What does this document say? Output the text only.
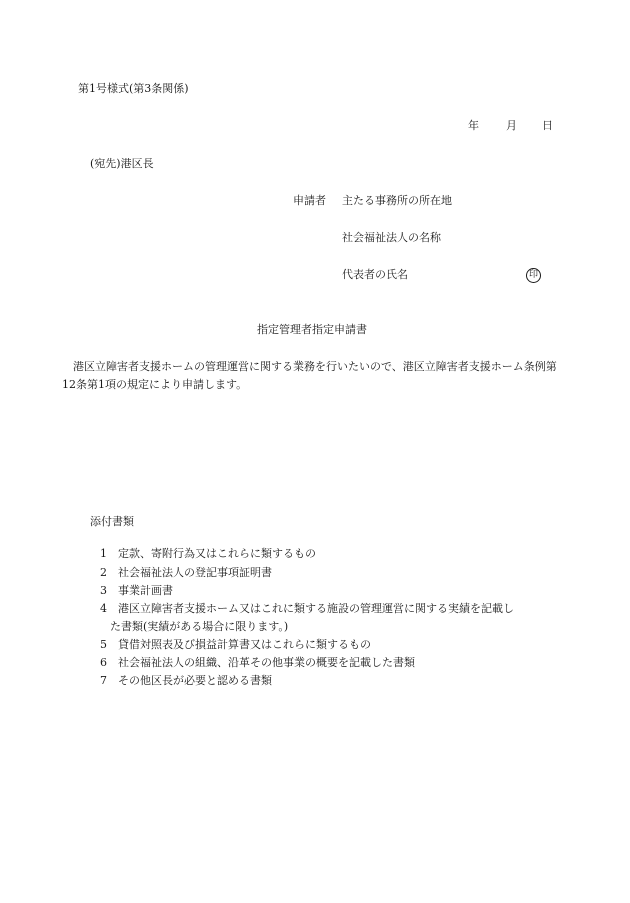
第1号様式(第3条関係)
年 月 日
(宛先)港区長
申請者 主たる事務所の所在地
社会福祉法人の名称
代表者の氏名	印
指定管理者指定申請書

港区立障害者支援ホームの管理運営に関する業務を行いたいので、港区立障害者支援ホーム条例第12条第1項の規定により申請します。

添付書類
1 定款、寄附行為又はこれらに類するもの
2 社会福祉法人の登記事項証明書
3 事業計画書
4 港区立障害者支援ホーム又はこれに類する施設の管理運営に関する実績を記載し
た書類(実績がある場合に限ります。)
5 貸借対照表及び損益計算書又はこれらに類するもの
6 社会福祉法人の組織、沿革その他事業の概要を記載した書類
7 その他区長が必要と認める書類
